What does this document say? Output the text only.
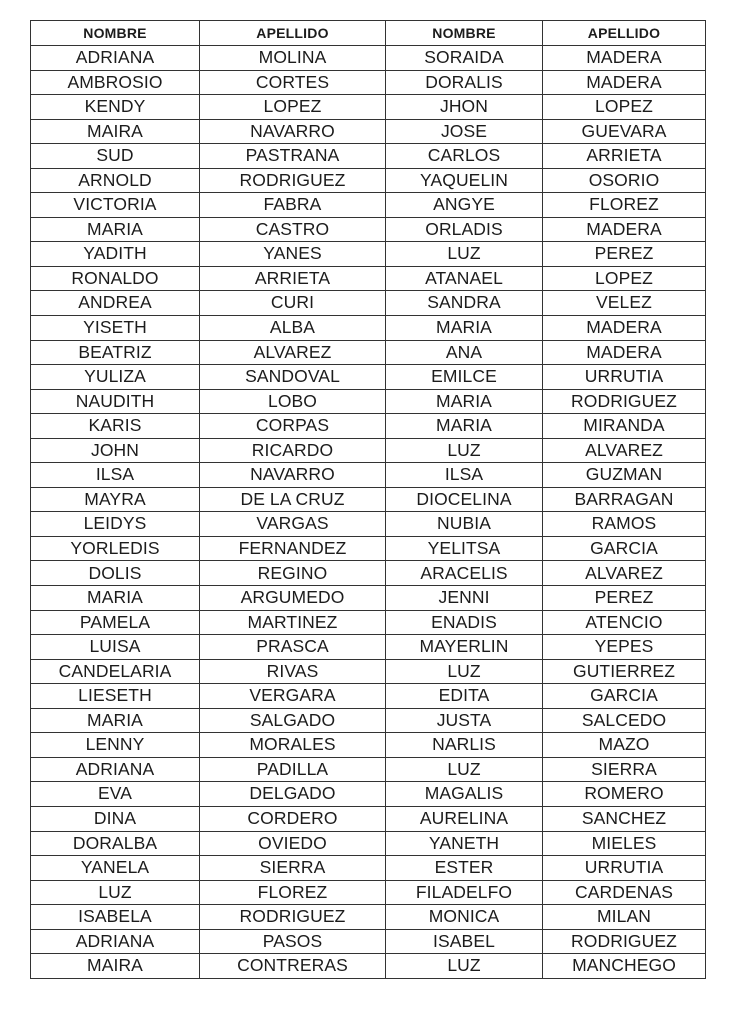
NOMBRE	APELLIDO	NOMBRE	APELLIDO
ADRIANA	MOLINA	SORAIDA	MADERA
AMBROSIO	CORTES	DORALIS	MADERA
KENDY	LOPEZ	JHON	LOPEZ
MAIRA	NAVARRO	JOSE	GUEVARA
SUD	PASTRANA	CARLOS	ARRIETA
ARNOLD	RODRIGUEZ	YAQUELIN	OSORIO
VICTORIA	FABRA	ANGYE	FLOREZ
MARIA	CASTRO	ORLADIS	MADERA
YADITH	YANES	LUZ	PEREZ
RONALDO	ARRIETA	ATANAEL	LOPEZ
ANDREA	CURI	SANDRA	VELEZ
YISETH	ALBA	MARIA	MADERA
BEATRIZ	ALVAREZ	ANA	MADERA
YULIZA	SANDOVAL	EMILCE	URRUTIA
NAUDITH	LOBO	MARIA	RODRIGUEZ
KARIS	CORPAS	MARIA	MIRANDA
JOHN	RICARDO	LUZ	ALVAREZ
ILSA	NAVARRO	ILSA	GUZMAN
MAYRA	DE LA CRUZ	DIOCELINA	BARRAGAN
LEIDYS	VARGAS	NUBIA	RAMOS
YORLEDIS	FERNANDEZ	YELITSA	GARCIA
DOLIS	REGINO	ARACELIS	ALVAREZ
MARIA	ARGUMEDO	JENNI	PEREZ
PAMELA	MARTINEZ	ENADIS	ATENCIO
LUISA	PRASCA	MAYERLIN	YEPES
CANDELARIA	RIVAS	LUZ	GUTIERREZ
LIESETH	VERGARA	EDITA	GARCIA
MARIA	SALGADO	JUSTA	SALCEDO
LENNY	MORALES	NARLIS	MAZO
ADRIANA	PADILLA	LUZ	SIERRA
EVA	DELGADO	MAGALIS	ROMERO
DINA	CORDERO	AURELINA	SANCHEZ
DORALBA	OVIEDO	YANETH	MIELES
YANELA	SIERRA	ESTER	URRUTIA
LUZ	FLOREZ	FILADELFO	CARDENAS
ISABELA	RODRIGUEZ	MONICA	MILAN
ADRIANA	PASOS	ISABEL	RODRIGUEZ
MAIRA	CONTRERAS	LUZ	MANCHEGO
